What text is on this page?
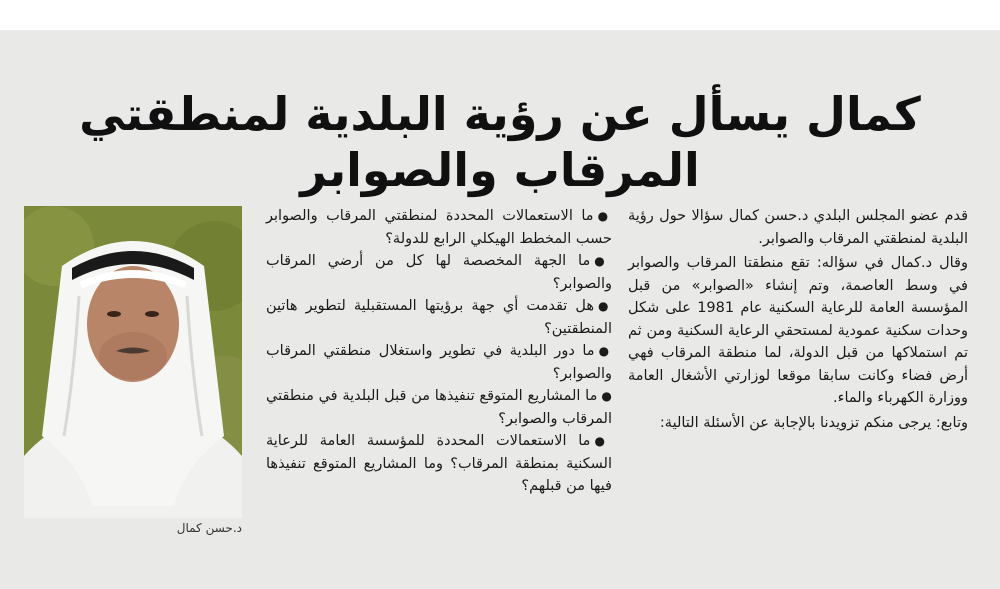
كمال يسأل عن رؤية البلدية لمنطقتي المرقاب والصوابر

قدم عضو المجلس البلدي د.حسن كمال سؤالا حول رؤية البلدية لمنطقتي المرقاب والصوابر.

وقال د.كمال في سؤاله: تقع منطقتا المرقاب والصوابر في وسط العاصمة، وتم إنشاء «الصوابر» من قبل المؤسسة العامة للرعاية السكنية عام 1981 على شكل وحدات سكنية عمودية لمستحقي الرعاية السكنية ومن ثم تم استملاكها من قبل الدولة، لما منطقة المرقاب فهي أرض فضاء وكانت سابقا موقعا لوزارتي الأشغال العامة ووزارة الكهرباء والماء.

وتابع: يرجى منكم تزويدنا بالإجابة عن الأسئلة التالية:

●ما الاستعمالات المحددة لمنطقتي المرقاب والصوابر حسب المخطط الهيكلي الرابع للدولة؟

●ما الجهة المخصصة لها كل من أرضي المرقاب والصوابر؟

●هل تقدمت أي جهة برؤيتها المستقبلية لتطوير هاتين المنطقتين؟

●ما دور البلدية في تطوير واستغلال منطقتي المرقاب والصوابر؟

●ما المشاريع المتوقع تنفيذها من قبل البلدية في منطقتي المرقاب والصوابر؟

●ما الاستعمالات المحددة للمؤسسة العامة للرعاية السكنية بمنطقة المرقاب؟ وما المشاريع المتوقع تنفيذها فيها من قبلهم؟

د.حسن كمال
